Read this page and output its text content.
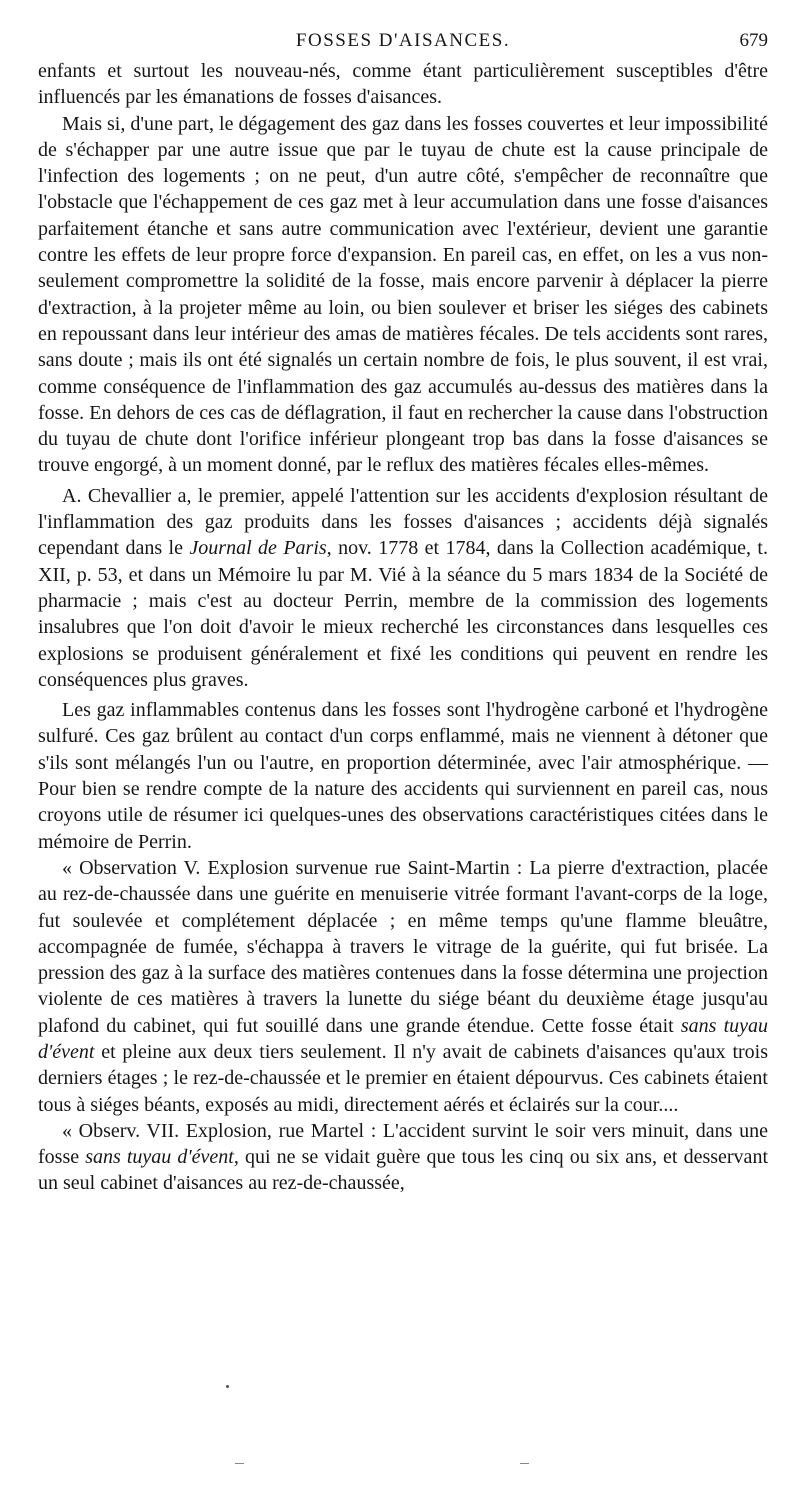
FOSSES D'AISANCES.	679

enfants et surtout les nouveau-nés, comme étant particulièrement susceptibles d'être influencés par les émanations de fosses d'aisances.

Mais si, d'une part, le dégagement des gaz dans les fosses couvertes et leur impossibilité de s'échapper par une autre issue que par le tuyau de chute est la cause principale de l'infection des logements ; on ne peut, d'un autre côté, s'empêcher de reconnaître que l'obstacle que l'échappement de ces gaz met à leur accumulation dans une fosse d'aisances parfaitement étanche et sans autre communication avec l'extérieur, devient une garantie contre les effets de leur propre force d'expansion. En pareil cas, en effet, on les a vus non-seulement compromettre la solidité de la fosse, mais encore parvenir à déplacer la pierre d'extraction, à la projeter même au loin, ou bien soulever et briser les siéges des cabinets en repoussant dans leur intérieur des amas de matières fécales. De tels accidents sont rares, sans doute ; mais ils ont été signalés un certain nombre de fois, le plus souvent, il est vrai, comme conséquence de l'inflammation des gaz accumulés au-dessus des matières dans la fosse. En dehors de ces cas de déflagration, il faut en rechercher la cause dans l'obstruction du tuyau de chute dont l'orifice inférieur plongeant trop bas dans la fosse d'aisances se trouve engorgé, à un moment donné, par le reflux des matières fécales elles-mêmes.

A. Chevallier a, le premier, appelé l'attention sur les accidents d'explosion résultant de l'inflammation des gaz produits dans les fosses d'aisances ; accidents déjà signalés cependant dans le Journal de Paris, nov. 1778 et 1784, dans la Collection académique, t. XII, p. 53, et dans un Mémoire lu par M. Vié à la séance du 5 mars 1834 de la Société de pharmacie ; mais c'est au docteur Perrin, membre de la commission des logements insalubres que l'on doit d'avoir le mieux recherché les circonstances dans lesquelles ces explosions se produisent généralement et fixé les conditions qui peuvent en rendre les conséquences plus graves.

Les gaz inflammables contenus dans les fosses sont l'hydrogène carboné et l'hydrogène sulfuré. Ces gaz brûlent au contact d'un corps enflammé, mais ne viennent à détoner que s'ils sont mélangés l'un ou l'autre, en proportion déterminée, avec l'air atmosphérique. — Pour bien se rendre compte de la nature des accidents qui surviennent en pareil cas, nous croyons utile de résumer ici quelques-unes des observations caractéristiques citées dans le mémoire de Perrin.

« Observation V. Explosion survenue rue Saint-Martin : La pierre d'extraction, placée au rez-de-chaussée dans une guérite en menuiserie vitrée formant l'avant-corps de la loge, fut soulevée et complétement déplacée ; en même temps qu'une flamme bleuâtre, accompagnée de fumée, s'échappa à travers le vitrage de la guérite, qui fut brisée. La pression des gaz à la surface des matières contenues dans la fosse détermina une projection violente de ces matières à travers la lunette du siége béant du deuxième étage jusqu'au plafond du cabinet, qui fut souillé dans une grande étendue. Cette fosse était sans tuyau d'évent et pleine aux deux tiers seulement. Il n'y avait de cabinets d'aisances qu'aux trois derniers étages ; le rez-de-chaussée et le premier en étaient dépourvus. Ces cabinets étaient tous à siéges béants, exposés au midi, directement aérés et éclairés sur la cour....

« Observ. VII. Explosion, rue Martel : L'accident survint le soir vers minuit, dans une fosse sans tuyau d'évent, qui ne se vidait guère que tous les cinq ou six ans, et desservant un seul cabinet d'aisances au rez-de-chaussée,
